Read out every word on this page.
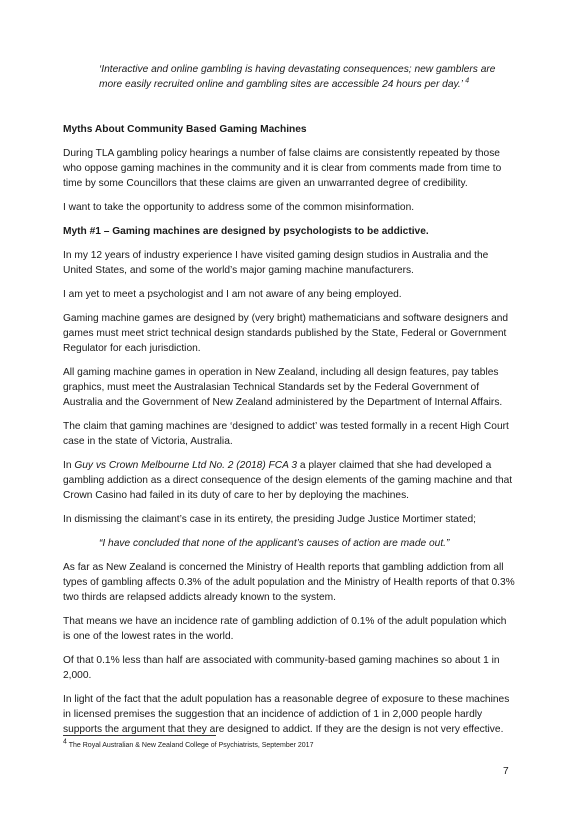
‘Interactive and online gambling is having devastating consequences; new gamblers are more easily recruited online and gambling sites are accessible 24 hours per day.’ $^4$

Myths About Community Based Gaming Machines

During TLA gambling policy hearings a number of false claims are consistently repeated by those who oppose gaming machines in the community and it is clear from comments made from time to time by some Councillors that these claims are given an unwarranted degree of credibility.

I want to take the opportunity to address some of the common misinformation.

Myth #1 – Gaming machines are designed by psychologists to be addictive.

In my 12 years of industry experience I have visited gaming design studios in Australia and the United States, and some of the world’s major gaming machine manufacturers.

I am yet to meet a psychologist and I am not aware of any being employed.

Gaming machine games are designed by (very bright) mathematicians and software designers and games must meet strict technical design standards published by the State, Federal or Government Regulator for each jurisdiction.

All gaming machine games in operation in New Zealand, including all design features, pay tables graphics, must meet the Australasian Technical Standards set by the Federal Government of Australia and the Government of New Zealand administered by the Department of Internal Affairs.

The claim that gaming machines are ‘designed to addict’ was tested formally in a recent High Court case in the state of Victoria, Australia.

In Guy vs Crown Melbourne Ltd No. 2 (2018) FCA 3 a player claimed that she had developed a gambling addiction as a direct consequence of the design elements of the gaming machine and that Crown Casino had failed in its duty of care to her by deploying the machines.

In dismissing the claimant’s case in its entirety, the presiding Judge Justice Mortimer stated;

“I have concluded that none of the applicant’s causes of action are made out.”

As far as New Zealand is concerned the Ministry of Health reports that gambling addiction from all types of gambling affects 0.3% of the adult population and the Ministry of Health reports of that 0.3% two thirds are relapsed addicts already known to the system.

That means we have an incidence rate of gambling addiction of 0.1% of the adult population which is one of the lowest rates in the world.

Of that 0.1% less than half are associated with community-based gaming machines so about 1 in 2,000.

In light of the fact that the adult population has a reasonable degree of exposure to these machines in licensed premises the suggestion that an incidence of addiction of 1 in 2,000 people hardly supports the argument that they are designed to addict. If they are the design is not very effective.

$^4$ The Royal Australian & New Zealand College of Psychiatrists, September 2017
7
